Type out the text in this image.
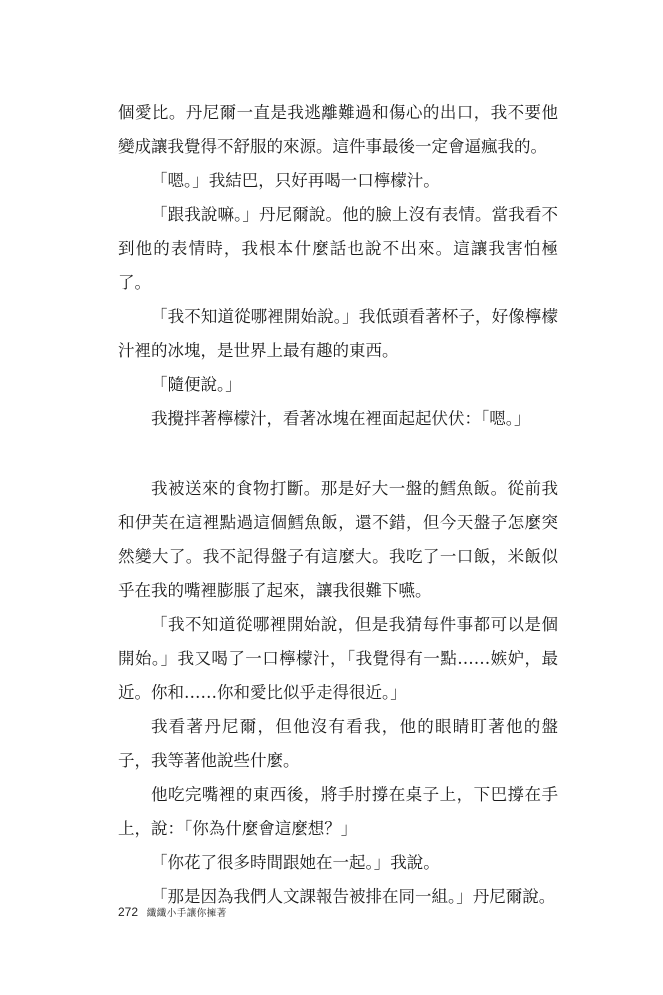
個愛比。丹尼爾一直是我逃離難過和傷心的出口，我不要他變成讓我覺得不舒服的來源。這件事最後一定會逼瘋我的。

「嗯。」我結巴，只好再喝一口檸檬汁。

「跟我說嘛。」丹尼爾說。他的臉上沒有表情。當我看不到他的表情時，我根本什麼話也說不出來。這讓我害怕極了。

「我不知道從哪裡開始說。」我低頭看著杯子，好像檸檬汁裡的冰塊，是世界上最有趣的東西。

「隨便說。」

我攪拌著檸檬汁，看著冰塊在裡面起起伏伏：「嗯。」

我被送來的食物打斷。那是好大一盤的鱈魚飯。從前我和伊芙在這裡點過這個鱈魚飯，還不錯，但今天盤子怎麼突然變大了。我不記得盤子有這麼大。我吃了一口飯，米飯似乎在我的嘴裡膨脹了起來，讓我很難下嚥。

「我不知道從哪裡開始說，但是我猜每件事都可以是個開始。」我又喝了一口檸檬汁，「我覺得有一點……嫉妒，最近。你和……你和愛比似乎走得很近。」

我看著丹尼爾，但他沒有看我，他的眼睛盯著他的盤子，我等著他說些什麼。

他吃完嘴裡的東西後，將手肘撐在桌子上，下巴撐在手上，說：「你為什麼會這麼想？」

「你花了很多時間跟她在一起。」我說。

「那是因為我們人文課報告被排在同一組。」丹尼爾說。

272 纖纖小手讓你擁著
